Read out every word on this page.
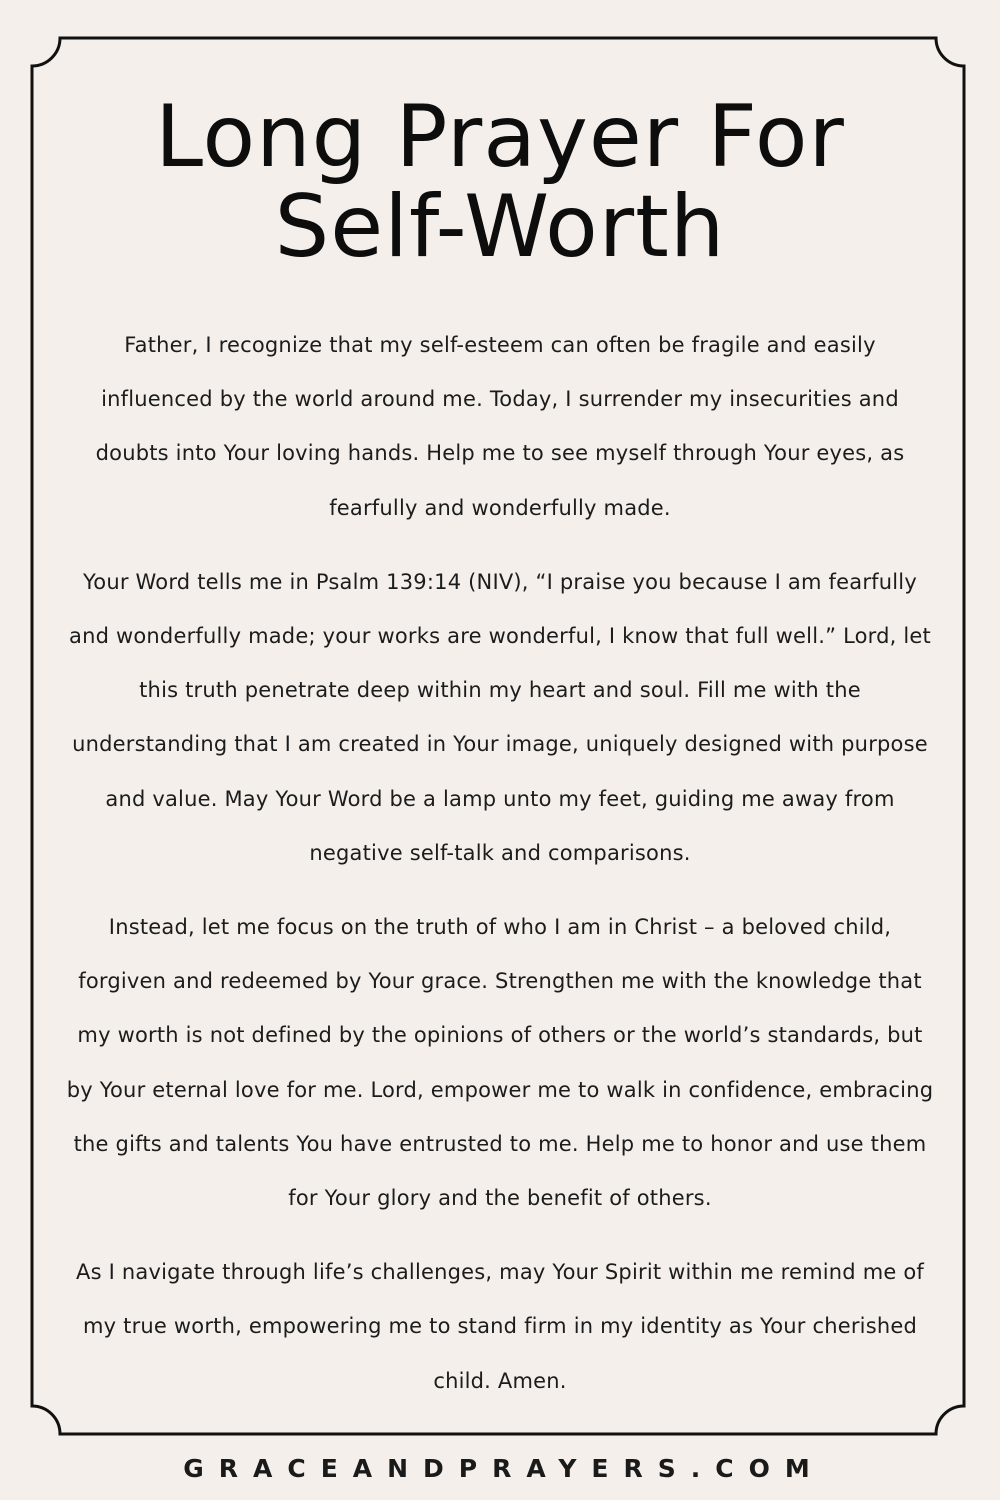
Long Prayer For
Self-Worth

Father, I recognize that my self-esteem can often be fragile and easily influenced by the world around me. Today, I surrender my insecurities and doubts into Your loving hands. Help me to see myself through Your eyes, as fearfully and wonderfully made.

Your Word tells me in Psalm 139:14 (NIV), “I praise you because I am fearfully and wonderfully made; your works are wonderful, I know that full well.” Lord, let this truth penetrate deep within my heart and soul. Fill me with the understanding that I am created in Your image, uniquely designed with purpose and value. May Your Word be a lamp unto my feet, guiding me away from negative self-talk and comparisons.

Instead, let me focus on the truth of who I am in Christ – a beloved child, forgiven and redeemed by Your grace. Strengthen me with the knowledge that my worth is not defined by the opinions of others or the world’s standards, but by Your eternal love for me. Lord, empower me to walk in confidence, embracing the gifts and talents You have entrusted to me. Help me to honor and use them for Your glory and the benefit of others.

As I navigate through life’s challenges, may Your Spirit within me remind me of my true worth, empowering me to stand firm in my identity as Your cherished child. Amen.

GRACEANDPRAYERS.COM
